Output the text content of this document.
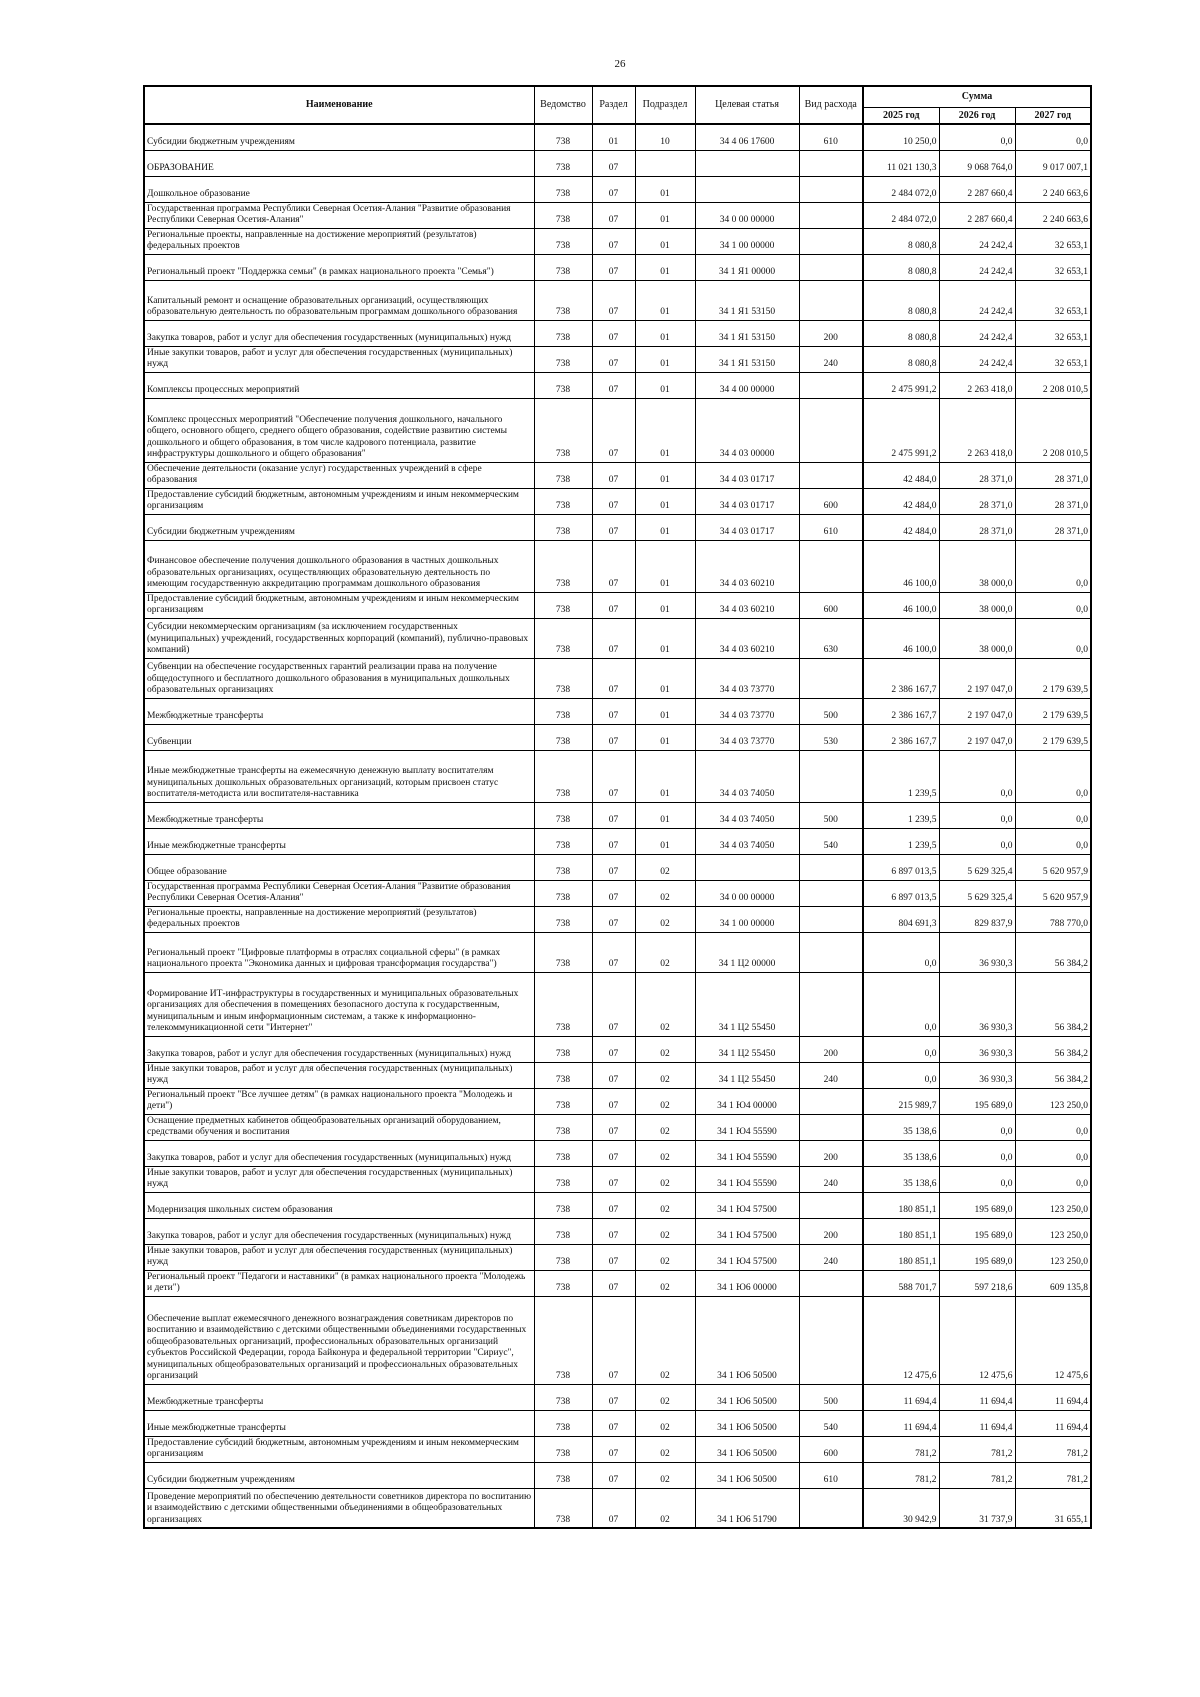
26
Наименование	Ведомство	Раздел	Подраздел	Целевая статья	Вид расхода	Сумма		
						2025 год	2026 год	2027 год
Субсидии бюджетным учреждениям	738	01	10	34 4 06 17600	610	10 250,0	0,0	0,0
ОБРАЗОВАНИЕ	738	07				11 021 130,3	9 068 764,0	9 017 007,1
Дошкольное образование	738	07	01			2 484 072,0	2 287 660,4	2 240 663,6
Государственная программа Республики Северная Осетия-Алания "Развитие образования Республики Северная Осетия-Алания"	738	07	01	34 0 00 00000		2 484 072,0	2 287 660,4	2 240 663,6
Региональные проекты, направленные на достижение мероприятий (результатов) федеральных проектов	738	07	01	34 1 00 00000		8 080,8	24 242,4	32 653,1
Региональный проект "Поддержка семьи" (в рамках национального проекта "Семья")	738	07	01	34 1 Я1 00000		8 080,8	24 242,4	32 653,1
Капитальный ремонт и оснащение образовательных организаций, осуществляющих образовательную деятельность по образовательным программам дошкольного образования	738	07	01	34 1 Я1 53150		8 080,8	24 242,4	32 653,1
Закупка товаров, работ и услуг для обеспечения государственных (муниципальных) нужд	738	07	01	34 1 Я1 53150	200	8 080,8	24 242,4	32 653,1
Иные закупки товаров, работ и услуг для обеспечения государственных (муниципальных) нужд	738	07	01	34 1 Я1 53150	240	8 080,8	24 242,4	32 653,1
Комплексы процессных мероприятий	738	07	01	34 4 00 00000		2 475 991,2	2 263 418,0	2 208 010,5
Комплекс процессных мероприятий "Обеспечение получения дошкольного, начального общего, основного общего, среднего общего образования, содействие развитию системы дошкольного и общего образования, в том числе кадрового потенциала, развитие инфраструктуры дошкольного и общего образования"	738	07	01	34 4 03 00000		2 475 991,2	2 263 418,0	2 208 010,5
Обеспечение деятельности (оказание услуг) государственных учреждений в сфере образования	738	07	01	34 4 03 01717		42 484,0	28 371,0	28 371,0
Предоставление субсидий бюджетным, автономным учреждениям и иным некоммерческим организациям	738	07	01	34 4 03 01717	600	42 484,0	28 371,0	28 371,0
Субсидии бюджетным учреждениям	738	07	01	34 4 03 01717	610	42 484,0	28 371,0	28 371,0
Финансовое обеспечение получения дошкольного образования в частных дошкольных образовательных организациях, осуществляющих образовательную деятельность по имеющим государственную аккредитацию программам дошкольного образования	738	07	01	34 4 03 60210		46 100,0	38 000,0	0,0
Предоставление субсидий бюджетным, автономным учреждениям и иным некоммерческим организациям	738	07	01	34 4 03 60210	600	46 100,0	38 000,0	0,0
Субсидии некоммерческим организациям (за исключением государственных (муниципальных) учреждений, государственных корпораций (компаний), публично-правовых компаний)	738	07	01	34 4 03 60210	630	46 100,0	38 000,0	0,0
Субвенции на обеспечение государственных гарантий реализации права на получение общедоступного и бесплатного дошкольного образования в муниципальных дошкольных образовательных организациях	738	07	01	34 4 03 73770		2 386 167,7	2 197 047,0	2 179 639,5
Межбюджетные трансферты	738	07	01	34 4 03 73770	500	2 386 167,7	2 197 047,0	2 179 639,5
Субвенции	738	07	01	34 4 03 73770	530	2 386 167,7	2 197 047,0	2 179 639,5
Иные межбюджетные трансферты на ежемесячную денежную выплату воспитателям муниципальных дошкольных образовательных организаций, которым присвоен статус воспитателя-методиста или воспитателя-наставника	738	07	01	34 4 03 74050		1 239,5	0,0	0,0
Межбюджетные трансферты	738	07	01	34 4 03 74050	500	1 239,5	0,0	0,0
Иные межбюджетные трансферты	738	07	01	34 4 03 74050	540	1 239,5	0,0	0,0
Общее образование	738	07	02			6 897 013,5	5 629 325,4	5 620 957,9
Государственная программа Республики Северная Осетия-Алания "Развитие образования Республики Северная Осетия-Алания"	738	07	02	34 0 00 00000		6 897 013,5	5 629 325,4	5 620 957,9
Региональные проекты, направленные на достижение мероприятий (результатов) федеральных проектов	738	07	02	34 1 00 00000		804 691,3	829 837,9	788 770,0
Региональный проект "Цифровые платформы в отраслях социальной сферы" (в рамках национального проекта "Экономика данных и цифровая трансформация государства")	738	07	02	34 1 Ц2 00000		0,0	36 930,3	56 384,2
Формирование ИТ-инфраструктуры в государственных и муниципальных образовательных организациях для обеспечения в помещениях безопасного доступа к государственным, муниципальным и иным информационным системам, а также к информационно-телекоммуникационной сети "Интернет"	738	07	02	34 1 Ц2 55450		0,0	36 930,3	56 384,2
Закупка товаров, работ и услуг для обеспечения государственных (муниципальных) нужд	738	07	02	34 1 Ц2 55450	200	0,0	36 930,3	56 384,2
Иные закупки товаров, работ и услуг для обеспечения государственных (муниципальных) нужд	738	07	02	34 1 Ц2 55450	240	0,0	36 930,3	56 384,2
Региональный проект "Все лучшее детям" (в рамках национального проекта "Молодежь и дети")	738	07	02	34 1 Ю4 00000		215 989,7	195 689,0	123 250,0
Оснащение предметных кабинетов общеобразовательных организаций оборудованием, средствами обучения и воспитания	738	07	02	34 1 Ю4 55590		35 138,6	0,0	0,0
Закупка товаров, работ и услуг для обеспечения государственных (муниципальных) нужд	738	07	02	34 1 Ю4 55590	200	35 138,6	0,0	0,0
Иные закупки товаров, работ и услуг для обеспечения государственных (муниципальных) нужд	738	07	02	34 1 Ю4 55590	240	35 138,6	0,0	0,0
Модернизация школьных систем образования	738	07	02	34 1 Ю4 57500		180 851,1	195 689,0	123 250,0
Закупка товаров, работ и услуг для обеспечения государственных (муниципальных) нужд	738	07	02	34 1 Ю4 57500	200	180 851,1	195 689,0	123 250,0
Иные закупки товаров, работ и услуг для обеспечения государственных (муниципальных) нужд	738	07	02	34 1 Ю4 57500	240	180 851,1	195 689,0	123 250,0
Региональный проект "Педагоги и наставники" (в рамках национального проекта "Молодежь и дети")	738	07	02	34 1 Ю6 00000		588 701,7	597 218,6	609 135,8
Обеспечение выплат ежемесячного денежного вознаграждения советникам директоров по воспитанию и взаимодействию с детскими общественными объединениями государственных общеобразовательных организаций, профессиональных образовательных организаций субъектов Российской Федерации, города Байконура и федеральной территории "Сириус", муниципальных общеобразовательных организаций и профессиональных образовательных организаций	738	07	02	34 1 Ю6 50500		12 475,6	12 475,6	12 475,6
Межбюджетные трансферты	738	07	02	34 1 Ю6 50500	500	11 694,4	11 694,4	11 694,4
Иные межбюджетные трансферты	738	07	02	34 1 Ю6 50500	540	11 694,4	11 694,4	11 694,4
Предоставление субсидий бюджетным, автономным учреждениям и иным некоммерческим организациям	738	07	02	34 1 Ю6 50500	600	781,2	781,2	781,2
Субсидии бюджетным учреждениям	738	07	02	34 1 Ю6 50500	610	781,2	781,2	781,2
Проведение мероприятий по обеспечению деятельности советников директора по воспитанию и взаимодействию с детскими общественными объединениями в общеобразовательных организациях	738	07	02	34 1 Ю6 51790		30 942,9	31 737,9	31 655,1
